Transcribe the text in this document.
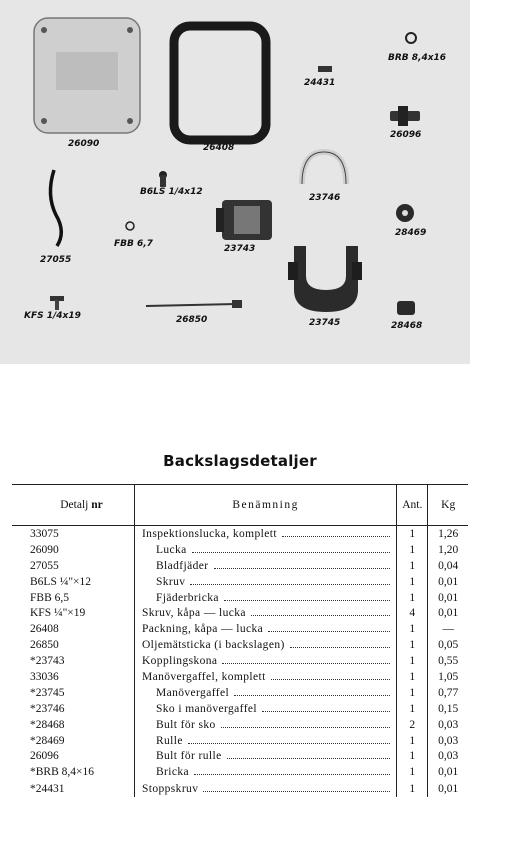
26090	26408
24431
BRB 8,4x16
26096
B6LS 1/4x12
23746
28469
27055
FBB 6,7	23743
KFS 1/4x19	26850	23745	28468
Backslagsdetaljer
Detalj nr	Benämning	Ant.	Kg
33075	Inspektionslucka, komplett	1	1,26
26090	Lucka	1	1,20
27055	Bladfjäder	1	0,04
B6LS ¼"×12	Skruv	1	0,01
FBB 6,5	Fjäderbricka	1	0,01
KFS ¼"×19	Skruv, kåpa — lucka	4	0,01
26408	Packning, kåpa — lucka	1	—
26850	Oljemätsticka (i backslagen)	1	0,05
*23743	Kopplingskona	1	0,55
33036	Manövergaffel, komplett	1	1,05
*23745	Manövergaffel	1	0,77
*23746	Sko i manövergaffel	1	0,15
*28468	Bult för sko	2	0,03
*28469	Rulle	1	0,03
26096	Bult för rulle	1	0,03
*BRB 8,4×16	Bricka	1	0,01
*24431	Stoppskruv	1	0,01
